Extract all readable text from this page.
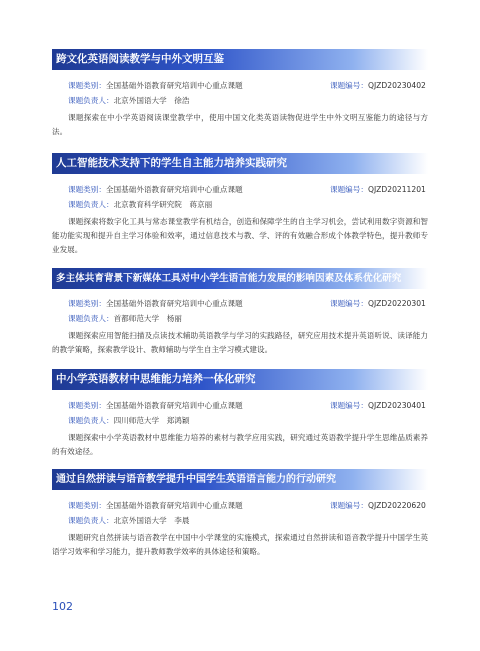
跨文化英语阅读教学与中外文明互鉴
课题类别：全国基础外语教育研究培训中心重点课题	课题编号：QJZD20230402
课题负责人：北京外国语大学　徐浩

课题探索在中小学英语阅读课堂教学中，使用中国文化类英语读物促进学生中外文明互鉴能力的途径与方法。

人工智能技术支持下的学生自主能力培养实践研究
课题类别：全国基础外语教育研究培训中心重点课题	课题编号：QJZD20211201
课题负责人：北京教育科学研究院　蒋京丽

课题探索将数字化工具与常态课堂教学有机结合，创造和保障学生的自主学习机会，尝试利用数字资源和智能功能实现和提升自主学习体验和效率，通过信息技术与教、学、评的有效融合形成个体教学特色，提升教师专业发展。

多主体共育背景下新媒体工具对中小学生语言能力发展的影响因素及体系优化研究
课题类别：全国基础外语教育研究培训中心重点课题	课题编号：QJZD20220301
课题负责人：首都师范大学　杨丽

课题探索应用智能扫描及点读技术辅助英语教学与学习的实践路径，研究应用技术提升英语听说、读译能力的教学策略，探索教学设计、教师辅助与学生自主学习模式建设。

中小学英语教材中思维能力培养一体化研究
课题类别：全国基础外语教育研究培训中心重点课题	课题编号：QJZD20230401
课题负责人：四川师范大学　郑鸿颖

课题探索中小学英语教材中思维能力培养的素材与教学应用实践，研究通过英语教学提升学生思维品质素养的有效途径。

通过自然拼读与语音教学提升中国学生英语语言能力的行动研究
课题类别：全国基础外语教育研究培训中心重点课题	课题编号：QJZD20220620
课题负责人：北京外国语大学　李晨

课题研究自然拼读与语音教学在中国中小学课堂的实施模式，探索通过自然拼读和语音教学提升中国学生英语学习效率和学习能力，提升教师教学效率的具体途径和策略。

102
